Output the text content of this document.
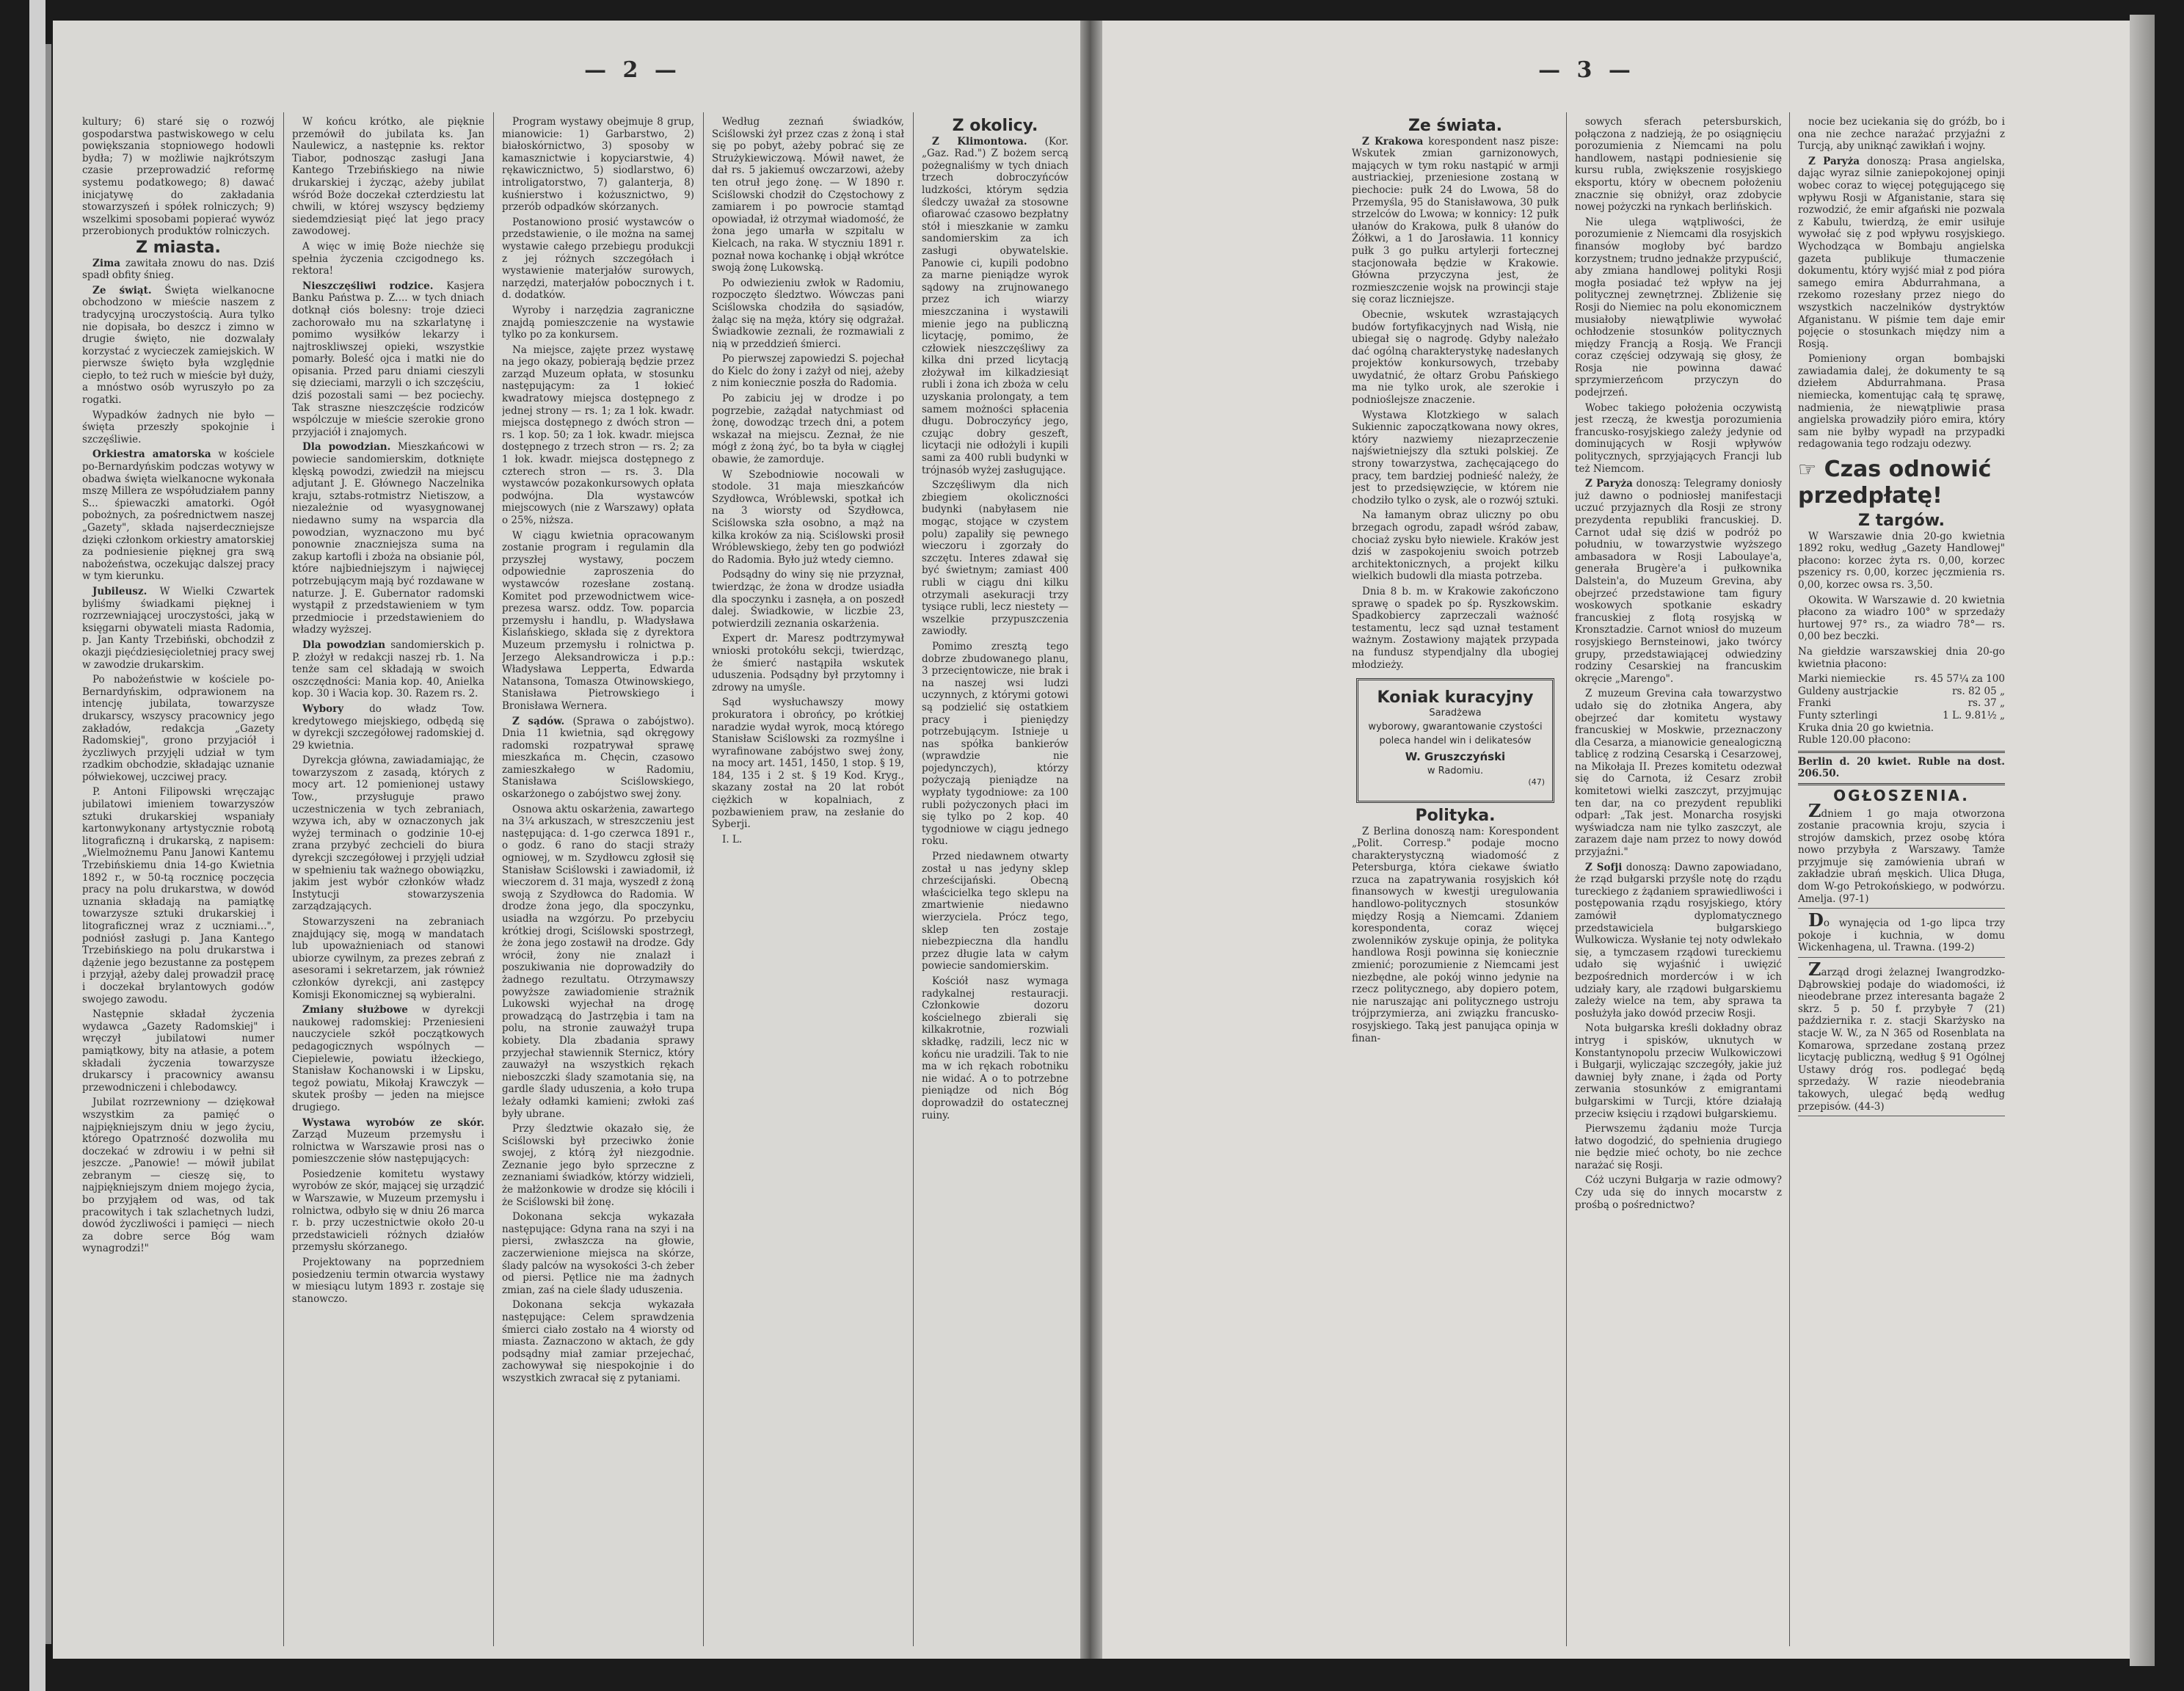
— 2 —

kultury; 6) staré się o rozwój gospodarstwa pastwiskowego w celu powiększania stopniowego hodowli bydła; 7) w możliwie najkrótszym czasie przeprowadzić reformę systemu podatkowego; 8) dawać inicjatywę do zakładania stowarzyszeń i spółek rolniczych; 9) wszelkimi sposobami popierać wywóz przerobionych produktów rolniczych.

Z miasta.

Zima zawitała znowu do nas. Dziś spadł obfity śnieg.

Ze świąt. Święta wielkanocne obchodzono w mieście naszem z tradycyjną uroczystością. Aura tylko nie dopisała, bo deszcz i zimno w drugie święto, nie dozwalały korzystać z wycieczek zamiejskich. W pierwsze święto była względnie ciepło, to też ruch w mieście był duży, a mnóstwo osób wyruszyło po za rogatki.

Wypadków żadnych nie było — święta przeszły spokojnie i szczęśliwie.

Orkiestra amatorska w kościele po-Bernardyńskim podczas wotywy w obadwa święta wielkanocne wykonała mszę Millera ze współudziałem panny S... śpiewaczki amatorki. Ogół pobożnych, za pośrednictwem naszej „Gazety", składa najserdeczniejsze dzięki członkom orkiestry amatorskiej za podniesienie pięknej gra swą nabożeństwa, oczekując dalszej pracy w tym kierunku.

Jubileusz. W Wielki Czwartek byliśmy świadkami pięknej i rozrzewniającej uroczystości, jaką w księgarni obywateli miasta Radomia, p. Jan Kanty Trzebiński, obchodził z okazji pięćdziesięcioletniej pracy swej w zawodzie drukarskim.

Po nabożeństwie w kościele po-Bernardyńskim, odprawionem na intencję jubilata, towarzysze drukarscy, wszyscy pracownicy jego zakładów, redakcja „Gazety Radomskiej", grono przyjaciół i życzliwych przyjęli udział w tym rzadkim obchodzie, składając uznanie półwiekowej, uczciwej pracy.

P. Antoni Filipowski wręczając jubilatowi imieniem towarzyszów sztuki drukarskiej wspaniały kartonwykonany artystycznie robotą litograficzną i drukarską, z napisem: „Wielmożnemu Panu Janowi Kantemu Trzebińskiemu dnia 14-go Kwietnia 1892 r., w 50-tą rocznicę poczęcia pracy na polu drukarstwa, w dowód uznania składają na pamiątkę towarzysze sztuki drukarskiej i litograficznej wraz z uczniami...", podniósł zasługi p. Jana Kantego Trzebińskiego na polu drukarstwa i dążenie jego bezustanne za postępem i przyjął, ażeby dalej prowadził pracę i doczekał brylantowych godów swojego zawodu.

Następnie składał życzenia wydawca „Gazety Radomskiej" i wręczył jubilatowi numer pamiątkowy, bity na atłasie, a potem składali życzenia towarzysze drukarscy i pracownicy awansu przewodniczeni i chlebodawcy.

Jubilat rozrzewniony — dziękował wszystkim za pamięć o najpiękniejszym dniu w jego życiu, którego Opatrzność dozwoliła mu doczekać w zdrowiu i w pełni sił jeszcze. „Panowie! — mówił jubilat zebranym — cieszę się, to najpiękniejszym dniem mojego życia, bo przyjąłem od was, od tak pracowitych i tak szlachetnych ludzi, dowód życzliwości i pamięci — niech za dobre serce Bóg wam wynagrodzi!"

W końcu krótko, ale pięknie przemówił do jubilata ks. Jan Naulewicz, a następnie ks. rektor Tiabor, podnosząc zasługi Jana Kantego Trzebińskiego na niwie drukarskiej i życząc, ażeby jubilat wśród Boże doczekał czterdziestu lat chwili, w której wszyscy będziemy siedemdziesiąt pięć lat jego pracy zawodowej.

A więc w imię Boże niechże się spełnia życzenia czcigodnego ks. rektora!

Nieszczęśliwi rodzice. Kasjera Banku Państwa p. Z.... w tych dniach dotknął ciós bolesny: troje dzieci zachorowało mu na szkarlatynę i pomimo wysiłków lekarzy i najtroskliwszej opieki, wszystkie pomarły. Boleść ojca i matki nie do opisania. Przed paru dniami cieszyli się dzieciami, marzyli o ich szczęściu, dziś pozostali sami — bez pociechy. Tak straszne nieszczęście rodziców wspólczuje w mieście szerokie grono przyjaciół i znajomych.

Dla powodzian. Mieszkańcowi w powiecie sandomierskim, dotknięte klęską powodzi, zwiedził na miejscu adjutant J. E. Głównego Naczelnika kraju, sztabs-rotmistrz Nietiszow, a niezależnie od wyasygnowanej niedawno sumy na wsparcia dla powodzian, wyznaczono mu być ponownie znaczniejsza suma na zakup kartofli i zboża na obsianie pól, które najbiedniejszym i najwięcej potrzebującym mają być rozdawane w naturze. J. E. Gubernator radomski wystąpił z przedstawieniem w tym przedmiocie i przedstawieniem do władzy wyższej.

Dla powodzian sandomierskich p. P. złożył w redakcji naszej rb. 1. Na tenże sam cel składają w swoich oszczędności: Mania kop. 40, Anielka kop. 30 i Wacia kop. 30. Razem rs. 2.

Wybory	do władz Tow. kredytowego miejskiego, odbędą się w dyrekcji szczegółowej radomskiej d. 29 kwietnia.

Dyrekcja główna, zawiadamiając, że towarzyszom z zasadą, których z mocy art. 12 pomienionej ustawy Tow., przysługuje prawo uczestniczenia w tych zebraniach, wzywa ich, aby w oznaczonych jak wyżej terminach o godzinie 10-ej zrana przybyć zechcieli do biura dyrekcji szczegółowej i przyjęli udział w spełnieniu tak ważnego obowiązku, jakim jest wybór członków władz Instytucji stowarzyszenia zarządzających.

Stowarzyszeni na zebraniach znajdujący się, mogą w mandatach lub upoważnieniach od stanowi ubiorze cywilnym, za prezes zebrań z asesorami i sekretarzem, jak również członków dyrekcji, ani zastępcy Komisji Ekonomicznej są wybieralni.

Zmiany służbowe w dyrekcji naukowej radomskiej: Przeniesieni nauczyciele szkół początkowych pedagogicznych wspólnych — Ciepielewie, powiatu iłżeckiego, Stanisław Kochanowski i w Lipsku, tegoż powiatu, Mikołaj Krawczyk — skutek prośby — jeden na miejsce drugiego.

Wystawa wyrobów ze skór. Zarząd Muzeum przemysłu i rolnictwa w Warszawie prosi nas o pomieszczenie słów następujących:

Posiedzenie komitetu wystawy wyrobów ze skór, mającej się urządzić w Warszawie, w Muzeum przemysłu i rolnictwa, odbyło się w dniu 26 marca r. b. przy uczestnictwie około 20-u przedstawicieli różnych działów przemysłu skórzanego.

Projektowany na poprzedniem posiedzeniu termin otwarcia wystawy w miesiącu lutym 1893 r. zostaje się stanowczo.

Program wystawy obejmuje 8 grup, mianowicie: 1) Garbarstwo, 2) białoskórnictwo, 3) sposoby w kamasznictwie i kopyciarstwie, 4) rękawicznictwo, 5) siodlarstwo, 6) introligatorstwo, 7) galanterja, 8) kuśnierstwo i kożusznictwo, 9) przerób odpadków skórzanych.

Postanowiono prosić wystawców o przedstawienie, o ile można na samej wystawie całego przebiegu produkcji z jej różnych szczegółach i wystawienie materjałów surowych, narzędzi, materjałów pobocznych i t. d. dodatków.

Wyroby i narzędzia zagraniczne znajdą pomieszczenie na wystawie tylko po za konkursem.

Na miejsce, zajęte przez wystawę na jego okazy, pobierają będzie przez zarząd Muzeum opłata, w stosunku następującym: za 1 łokieć kwadratowy miejsca dostępnego z jednej strony — rs. 1; za 1 łok. kwadr. miejsca dostępnego z dwóch stron — rs. 1 kop. 50; za 1 łok. kwadr. miejsca dostępnego z trzech stron — rs. 2; za 1 łok. kwadr. miejsca dostępnego z czterech stron — rs. 3. Dla wystawców pozakonkursowych opłata podwójna. Dla wystawców miejscowych (nie z Warszawy) opłata o 25%, niższa.

W ciągu kwietnia opracowanym zostanie program i regulamin dla przyszłej wystawy, poczem odpowiednie zaproszenia do wystawców rozesłane zostaną. Komitet pod przewodnictwem wice-prezesa warsz. oddz. Tow. poparcia przemysłu i handlu, p. Władysława Kislańskiego, składa się z dyrektora Muzeum przemysłu i rolnictwa p. Jerzego Aleksandrowicza i p.p.: Władysława Lepperta, Edwarda Natansona, Tomasza Otwinowskiego, Stanisława Pietrowskiego i Bronisława Wernera.

Z sądów. (Sprawa o zabójstwo). Dnia 11 kwietnia, sąd okręgowy radomski rozpatrywał sprawę mieszkańca m. Chęcin, czasowo zamieszkałego w Radomiu, Stanisława Sciślowskiego, oskarżonego o zabójstwo swej żony.

Osnowa aktu oskarżenia, zawartego na 3¼ arkuszach, w streszczeniu jest następująca: d. 1-go czerwca 1891 r., o godz. 6 rano do stacji straży ogniowej, w m. Szydłowcu zgłosił się Stanisław Sciślowski i zawiadomił, iż wieczorem d. 31 maja, wyszedł z żoną swoją z Szydłowca do Radomia. W drodze żona jego, dla spoczynku, usiadła na wzgórzu. Po przebyciu krótkiej drogi, Sciślowski spostrzegł, że żona jego zostawił na drodze. Gdy wrócił, żony nie znalazł i poszukiwania nie doprowadziły do żadnego rezultatu. Otrzymawszy powyższe zawiadomienie strażnik Lukowski wyjechał na drogę prowadzącą do Jastrzębia i tam na polu, na stronie zauważył trupa kobiety. Dla zbadania sprawy przyjechał stawiennik Sternicz, który zauważył na wszystkich rękach nieboszczki ślady szamotania się, na gardle ślady uduszenia, a koło trupa leżały odłamki kamieni; zwłoki zaś były ubrane.

Przy śledztwie okazało się, że Sciślowski był przeciwko żonie swojej, z którą żył niezgodnie. Zeznanie jego było sprzeczne z zeznaniami świadków, którzy widzieli, że małżonkowie w drodze się kłócili i że Sciślowski bił żonę.

Dokonana sekcja wykazała następujące: Gdyna rana na szyi i na piersi, zwłaszcza na głowie, zaczerwienione miejsca na skórze, ślady palców na wysokości 3-ch żeber od piersi. Pętlice nie ma żadnych zmian, zaś na ciele ślady uduszenia.

Dokonana sekcja wykazała następujące: Celem sprawdzenia śmierci ciało zostało na 4 wiorsty od miasta. Zaznaczono w aktach, że gdy podsądny miał zamiar przejechać, zachowywał się niespokojnie i do wszystkich zwracał się z pytaniami.

Według zeznań świadków, Sciślowski żył przez czas z żoną i stał się po pobyt, ażeby pobrać się ze Strużykiewiczową. Mówił nawet, że dał rs. 5 jakiemuś owczarzowi, ażeby ten otruł jego żonę. — W 1890 r. Sciślowski chodził do Częstochowy z zamiarem i po powrocie stamtąd opowiadał, iż otrzymał wiadomość, że żona jego umarła w szpitalu w Kielcach, na raka. W styczniu 1891 r. poznał nowa kochankę i objął wkrótce swoją żonę Lukowską.

Po odwiezieniu zwłok w Radomiu, rozpoczęto śledztwo. Wówczas pani Sciślowska chodziła do sąsiadów, żaląc się na męża, który się odgrażał. Świadkowie zeznali, że rozmawiali z nią w przeddzień śmierci.

Po pierwszej zapowiedzi S. pojechał do Kielc do żony i zażył od niej, ażeby z nim koniecznie poszła do Radomia.

Po zabiciu jej w drodze i po pogrzebie, zażądał natychmiast od żonę, dowodząc trzech dni, a potem wskazał na miejscu. Zeznał, że nie mógł z żoną żyć, bo ta była w ciągłej obawie, że zamorduje.

W Szebodniowie nocowali w stodole. 31 maja mieszkańców Szydłowca, Wróblewski, spotkał ich na 3 wiorsty od Szydłowca, Sciślowska szła osobno, a mąż na kilka kroków za nią. Sciślowski prosił Wróblewskiego, żeby ten go podwiózł do Radomia. Było już wtedy ciemno.

Podsądny do winy się nie przyznał, twierdząc, że żona w drodze usiadła dla spoczynku i zasnęła, a on poszedł dalej. Świadkowie, w liczbie 23, potwierdzili zeznania oskarżenia.

Expert dr. Maresz podtrzymywał wnioski protokółu sekcji, twierdząc, że śmierć nastąpiła wskutek uduszenia. Podsądny był przytomny i zdrowy na umyśle.

Sąd wysłuchawszy mowy prokuratora i obrońcy, po krótkiej naradzie wydał wyrok, mocą którego Stanisław Sciślowski za rozmyślne i wyrafinowane zabójstwo swej żony, na mocy art. 1451, 1450, 1 stop. § 19, 184, 135 i 2 st. § 19 Kod. Kryg., skazany został na 20 lat robót ciężkich w kopalniach, z pozbawieniem praw, na zesłanie do Syberji.

I. L.

Z okolicy.

Z Klimontowa. (Kor. „Gaz. Rad.") Z bożem sercą pożegnaliśmy w tych dniach trzech dobroczyńców ludzkości, którym sędzia śledczy uważał za stosowne ofiarować czasowo bezpłatny stół i mieszkanie w zamku sandomierskim za ich zasługi obywatelskie. Panowie ci, kupili podobno za marne pieniądze wyrok sądowy na zrujnowanego przez ich wiarzy mieszczanina i wystawili mienie jego na publiczną licytację, pomimo, że człowiek nieszczęśliwy za kilka dni przed licytacją złożywał im kilkadziesiąt rubli i żona ich zboża w celu uzyskania prolongaty, a tem samem możności spłacenia długu. Dobroczyńcy jego, czując dobry geszeft, licytacji nie odłożyli i kupili sami za 400 rubli budynki w trójnasób wyżej zasługujące.

Szczęśliwym dla nich zbiegiem okoliczności budynki (nabyłasem nie mogąc, stojące w czystem polu) zapaliły się pewnego wieczoru i zgorzały do szczętu. Interes zdawał się być świetnym; zamiast 400 rubli w ciągu dni kilku otrzymali asekuracji trzy tysiące rubli, lecz niestety — wszelkie przypuszczenia zawiodły.

Pomimo zresztą tego dobrze zbudowanego planu, 3 przecięntowicze, nie brak i na naszej wsi ludzi uczynnych, z którymi gotowi są podzielić się ostatkiem pracy i pieniędzy potrzebującym. Istnieje u nas spółka bankierów (wprawdzie nie pojedynczych), którzy pożyczają pieniądze na wypłaty tygodniowe: za 100 rubli pożyczonych płaci im się tylko po 2 kop. 40 tygodniowe w ciągu jednego roku.

Przed niedawnem otwarty został u nas jedyny sklep chrześcijański. Obecną właścicielka tego sklepu na zmartwienie niedawno wierzyciela. Prócz tego, sklep ten zostaje niebezpieczna dla handlu przez długie lata w całym powiecie sandomierskim.

Kościół nasz wymaga radykalnej restauracji. Członkowie dozoru kościelnego zbierali się kilkakrotnie, rozwiali składkę, radzili, lecz nic w końcu nie uradzili. Tak to nie ma w ich rękach robotniku nie widać. A o to potrzebne pieniądze od nich Bóg doprowadził do ostatecznej ruiny.

— 3 —
Ze świata.

Z Krakowa korespondent nasz pisze: Wskutek zmian garnizonowych, mających w tym roku nastąpić w armji austriackiej, przeniesione zostaną w piechocie: pułk 24 do Lwowa, 58 do Przemyśla, 95 do Stanisławowa, 30 pułk strzelców do Lwowa; w konnicy: 12 pułk ułanów do Krakowa, pułk 8 ułanów do Żółkwi, a 1 do Jarosławia. 11 konnicy pułk 3 go pułku artylerji fortecznej stacjonowała będzie w Krakowie. Główna przyczyna jest, że rozmieszczenie wojsk na prowincji staje się coraz liczniejsze.

Obecnie, wskutek wzrastających budów fortyfikacyjnych nad Wisłą, nie ubiegał się o nagrodę. Gdyby należało dać ogólną charakterystykę nadesłanych projektów konkursowych, trzebaby uwydatnić, że ołtarz Grobu Pańskiego ma nie tylko urok, ale szerokie i podnioślejsze znaczenie.

Wystawa Klotzkiego w salach Sukiennic zapoczątkowana nowy okres, który nazwiemy niezaprzeczenie najświetniejszy dla sztuki polskiej. Ze strony towarzystwa, zachęcającego do pracy, tem bardziej podnieść należy, że jest to przedsięwzięcie, w którem nie chodziło tylko o zysk, ale o rozwój sztuki.

Na łamanym obraz uliczny po obu brzegach ogrodu, zapadł wśród zabaw, chociaż zysku było niewiele. Kraków jest dziś w zaspokojeniu swoich potrzeb architektonicznych, a projekt kilku wielkich budowli dla miasta potrzeba.

Dnia 8 b. m. w Krakowie zakończono sprawę o spadek po śp. Ryszkowskim. Spadkobiercy zaprzeczali ważność testamentu, lecz sąd uznał testament ważnym. Zostawiony majątek przypada na fundusz stypendjalny dla ubogiej młodzieży.

Koniak kuracyjny
Saradżewa
wyborowy, gwarantowanie czystości
poleca handel win i delikatesów
W. Gruszczyński
w Radomiu.
(47)
Polityka.

Z Berlina donoszą nam: Korespondent „Polit. Corresp." podaje mocno charakterystyczną wiadomość z Petersburga, która ciekawe światło rzuca na zapatrywania rosyjskich kół finansowych w kwestji uregulowania handlowo-politycznych stosunków między Rosją a Niemcami. Zdaniem korespondenta, coraz więcej zwolenników zyskuje opinja, że polityka handlowa Rosji powinna się koniecznie zmienić; porozumienie z Niemcami jest niezbędne, ale pokój winno jedynie na rzecz politycznego, aby dopiero potem, nie naruszając ani politycznego ustroju trójprzymierza, ani związku francusko-rosyjskiego. Taką jest panująca opinja w finan-

sowych sferach petersburskich, połączona z nadzieją, że po osiągnięciu porozumienia z Niemcami na polu handlowem, nastąpi podniesienie się kursu rubla, zwiększenie rosyjskiego eksportu, który w obecnem położeniu znacznie się obniżył, oraz zdobycie nowej pożyczki na rynkach berlińskich.

Nie ulega wątpliwości, że porozumienie z Niemcami dla rosyjskich finansów mogłoby być bardzo korzystnem; trudno jednakże przypuścić, aby zmiana handlowej polityki Rosji mogła posiadać też wpływ na jej politycznej zewnętrznej. Zbliżenie się Rosji do Niemiec na polu ekonomicznem musiałoby niewątpliwie wywołać ochłodzenie stosunków politycznych między Francją a Rosją. We Francji coraz częściej odzywają się głosy, że Rosja nie powinna dawać sprzymierzeńcom przyczyn do podejrzeń.

Wobec takiego położenia oczywistą jest rzeczą, że kwestja porozumienia francusko-rosyjskiego zależy jedynie od dominujących w Rosji wpływów politycznych, sprzyjających Francji lub też Niemcom.

Z Paryża donoszą: Telegramy doniosły już dawno o podniosłej manifestacji uczuć przyjaznych dla Rosji ze strony prezydenta republiki francuskiej. D. Carnot udał się dziś w podróż po południu, w towarzystwie wyższego ambasadora w Rosji Laboulaye'a, generała Brugère'a i pułkownika Dalstein'a, do Muzeum Grevina, aby obejrzeć przedstawione tam figury woskowych spotkanie eskadry francuskiej z flotą rosyjską w Kronsztadzie. Carnot wniosł do muzeum rosyjskiego Bernsteinowi, jako twórcy grupy, przedstawiającej odwiedziny rodziny Cesarskiej na francuskim okręcie „Marengo".

Z muzeum Grevina cała towarzystwo udało się do złotnika Angera, aby obejrzeć dar komitetu wystawy francuskiej w Moskwie, przeznaczony dla Cesarza, a mianowicie genealogiczną tablicę z rodziną Cesarską i Cesarzowej, na Mikołaja II. Prezes komitetu odezwał się do Carnota, iż Cesarz zrobił komitetowi wielki zaszczyt, przyjmując ten dar, na co prezydent republiki odparł: „Tak jest. Monarcha rosyjski wyświadcza nam nie tylko zaszczyt, ale zarazem daje nam przez to nowy dowód przyjaźni."

Z Sofji donoszą: Dawno zapowiadano, że rząd bułgarski przyśle notę do rządu tureckiego z żądaniem sprawiedliwości i postępowania rządu rosyjskiego, który zamówił dyplomatycznego przedstawiciela bułgarskiego Wulkowicza. Wysłanie tej noty odwlekało się, a tymczasem rządowi tureckiemu udało się wyjaśnić i uwięzić bezpośrednich morderców i w ich udziały kary, ale rządowi bułgarskiemu zależy wielce na tem, aby sprawa ta posłużyła jako dowód przeciw Rosji.

Nota bułgarska kreśli dokładny obraz intryg i spisków, uknutych w Konstantynopolu przeciw Wulkowiczowi i Bułgarji, wyliczając szczegóły, jakie już dawniej były znane, i żąda od Porty zerwania stosunków z emigrantami bułgarskimi w Turcji, które działają przeciw księciu i rządowi bułgarskiemu.

Pierwszemu żądaniu może Turcja łatwo dogodzić, do spełnienia drugiego nie będzie mieć ochoty, bo nie zechce narażać się Rosji.

Cóż uczyni Bułgarja w razie odmowy? Czy uda się do innych mocarstw z prośbą o pośrednictwo?

nocie bez uciekania się do gróźb, bo i ona nie zechce narażać przyjaźni z Turcją, aby uniknąć zawikłań i wojny.

Z Paryża donoszą: Prasa angielska, dając wyraz silnie zaniepokojonej opinji wobec coraz to więcej potęgującego się wpływu Rosji w Afganistanie, stara się rozwodzić, że emir afgański nie pozwala z Kabulu, twierdzą, że emir usiłuje wywołać się z pod wpływu rosyjskiego. Wychodząca w Bombaju angielska gazeta publikuje tłumaczenie dokumentu, który wyjść miał z pod pióra samego emira Abdurrahmana, a rzekomo rozesłany przez niego do wszystkich naczelników dystryktów Afganistanu. W piśmie tem daje emir pojęcie o stosunkach między nim a Rosją.

Pomieniony organ bombajski zawiadamia dalej, że dokumenty te są dziełem Abdurrahmana. Prasa niemiecka, komentując całą tę sprawę, nadmienia, że niewątpliwie prasa angielska prowadziły pióro emira, który sam nie byłby wypadł na przypadki redagowania tego rodzaju odezwy.

☞ Czas odnowić
przedpłatę!
Z targów.

W Warszawie dnia 20-go kwietnia 1892 roku, według „Gazety Handlowej" płacono: korzec żyta rs. 0,00, korzec pszenicy rs. 0,00, korzec jęczmienia rs. 0,00, korzec owsa rs. 3,50.

Okowita. W Warszawie d. 20 kwietnia płacono za wiadro 100° w sprzedaży hurtowej 97° rs., za wiadro 78°— rs. 0,00 bez beczki.

Na giełdzie warszawskiej dnia 20-go kwietnia płacono:

Marki niemieckie	rs. 45 57¼ za 100
Guldeny austrjackie	rs. 82 05 „
Franki	rs. 37 „
Funty szterlingi	1 L. 9.81½ „
Kruka dnia 20 go kwietnia.

Ruble 120.00 płacono:

Berlin d. 20 kwiet. Ruble na dost. 206.50.
OGŁOSZENIA.

Zdniem 1 go maja otworzona zostanie pracownia kroju, szycia i strojów damskich, przez osobę która nowo przybyła z Warszawy. Tamże przyjmuje się zamówienia ubrań w zakładzie ubrań męskich. Ulica Długa, dom W-go Petrokońskiego, w podwórzu. Amelja. (97-1)

Do wynajęcia od 1-go lipca trzy pokoje i kuchnia, w domu Wickenhagena, ul. Trawna. (199-2)

Zarząd drogi żelaznej Iwangrodzko-Dąbrowskiej podaje do wiadomości, iż nieodebrane przez interesanta bagaże 2 skrz. 5 p. 50 f. przybyłe 7 (21) października r. z. stacji Skarżysko na stacje W. W., za N 365 od Rosenblata na Komarowa, sprzedane zostaną przez licytację publiczną, według § 91 Ogólnej Ustawy dróg ros. podlegać będą sprzedaży. W razie nieodebrania takowych, ulegać będą według przepisów. (44-3)
